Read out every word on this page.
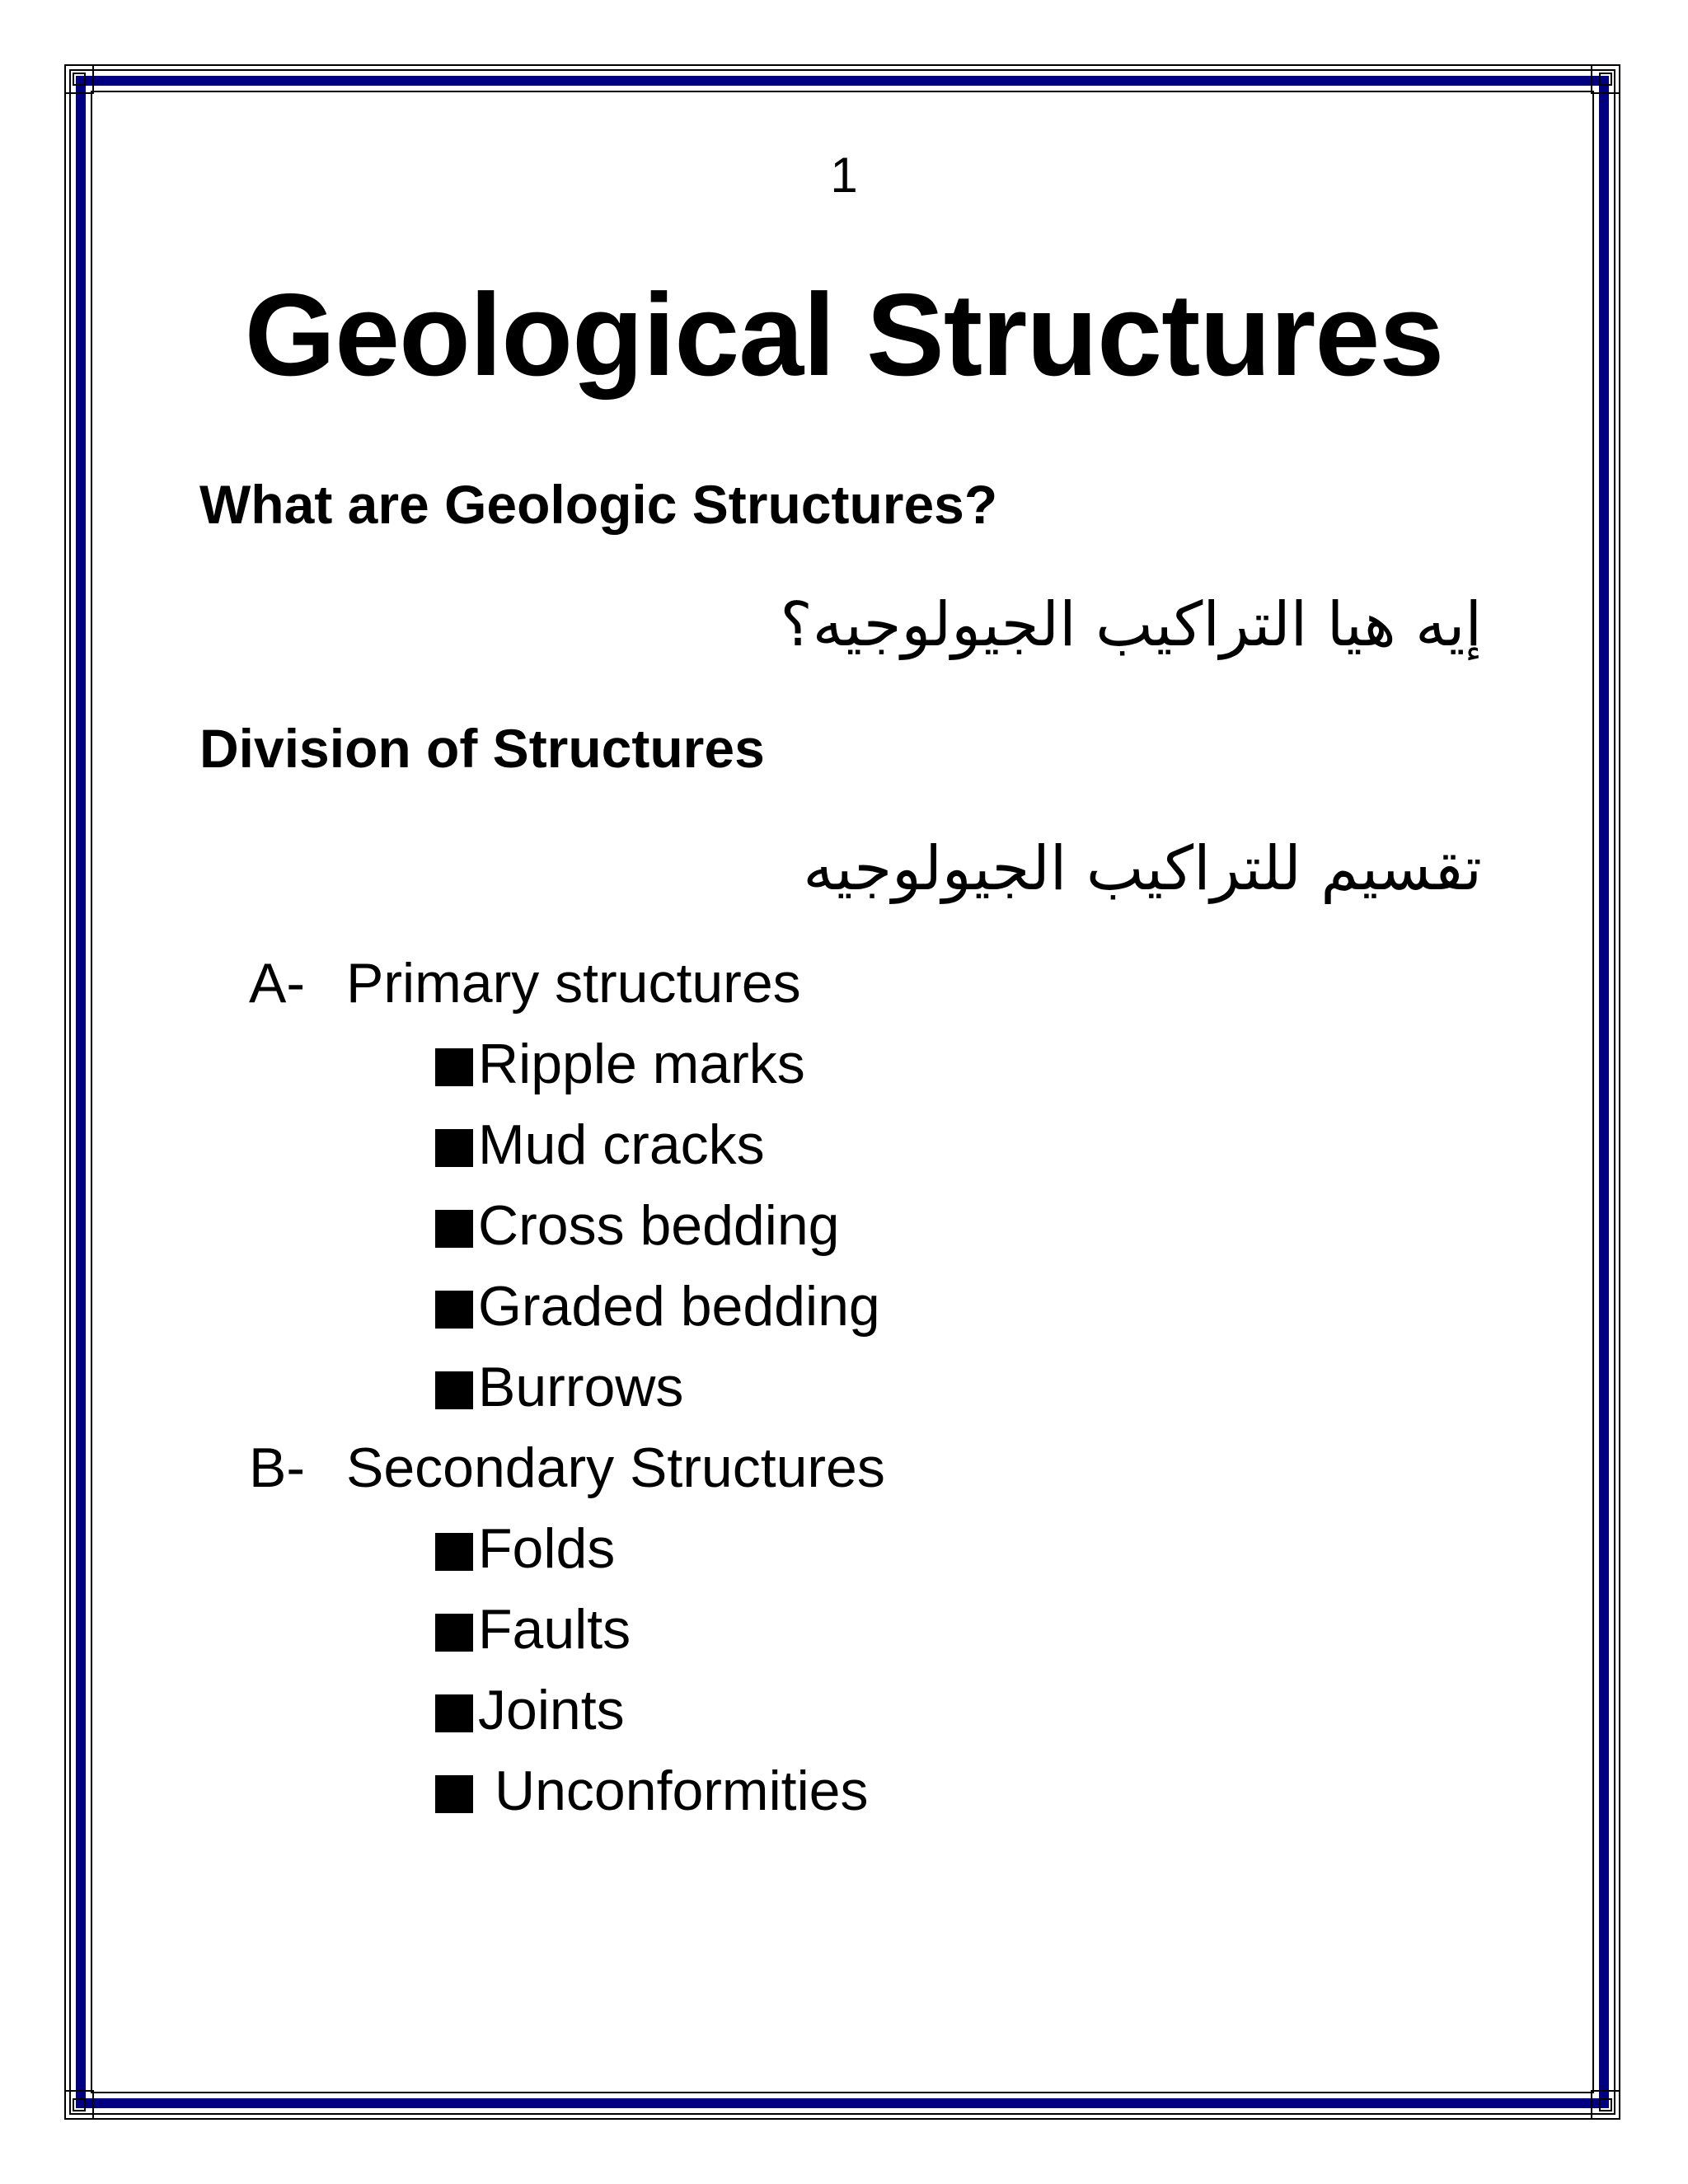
1
Geological Structures
What are Geologic Structures?
إيه هيا التراكيب الجيولوجيه؟
Division of Structures
تقسيم للتراكيب الجيولوجيه
A- Primary structures
Ripple marks
Mud cracks
Cross bedding
Graded bedding
Burrows
B- Secondary Structures
Folds
Faults
Joints
Unconformities
